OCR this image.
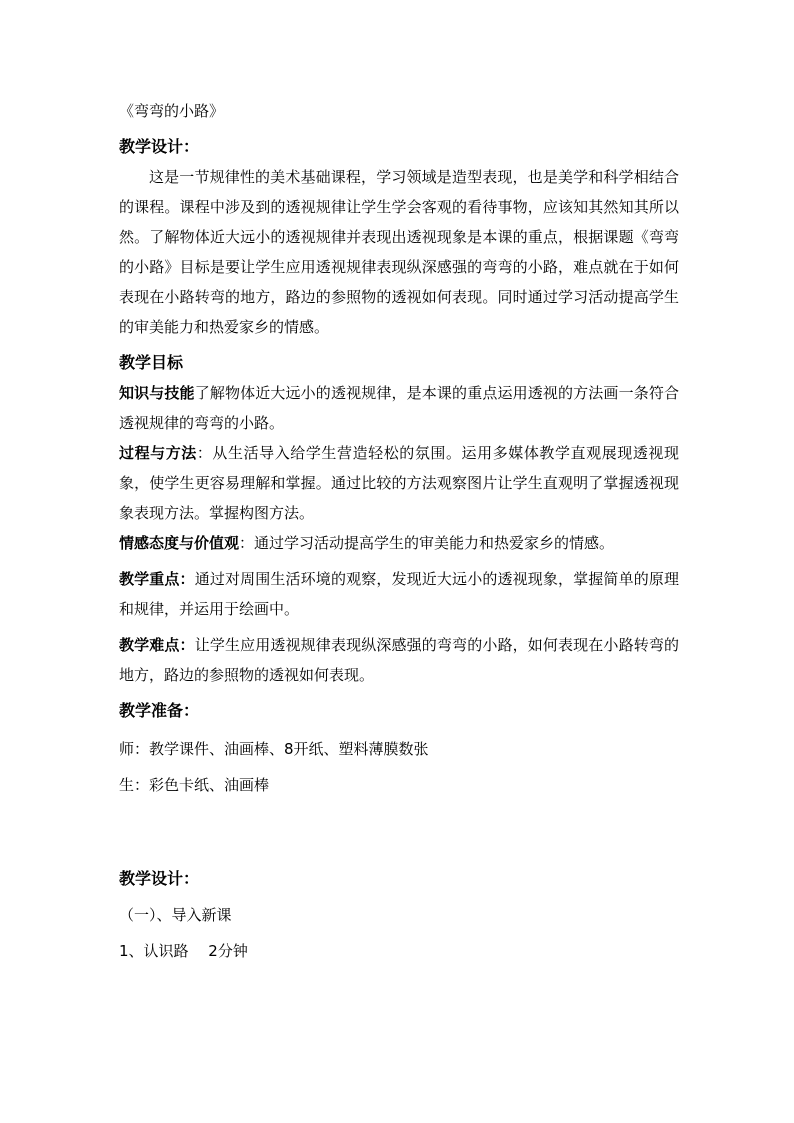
《弯弯的小路》
教学设计：
这是一节规律性的美术基础课程，学习领域是造型表现，也是美学和科学相结合的课程。课程中涉及到的透视规律让学生学会客观的看待事物，应该知其然知其所以然。了解物体近大远小的透视规律并表现出透视现象是本课的重点，根据课题《弯弯的小路》目标是要让学生应用透视规律表现纵深感强的弯弯的小路，难点就在于如何表现在小路转弯的地方，路边的参照物的透视如何表现。同时通过学习活动提高学生的审美能力和热爱家乡的情感。
教学目标
知识与技能了解物体近大远小的透视规律，是本课的重点运用透视的方法画一条符合透视规律的弯弯的小路。
过程与方法：从生活导入给学生营造轻松的氛围。运用多媒体教学直观展现透视现象，使学生更容易理解和掌握。通过比较的方法观察图片让学生直观明了掌握透视现象表现方法。掌握构图方法。
情感态度与价值观：通过学习活动提高学生的审美能力和热爱家乡的情感。
教学重点：通过对周围生活环境的观察，发现近大远小的透视现象，掌握简单的原理和规律，并运用于绘画中。
教学难点：让学生应用透视规律表现纵深感强的弯弯的小路，如何表现在小路转弯的地方，路边的参照物的透视如何表现。
教学准备：
师：教学课件、油画棒、8开纸、塑料薄膜数张
生：彩色卡纸、油画棒
教学设计：
（一）、导入新课
1、认识路　 2分钟
